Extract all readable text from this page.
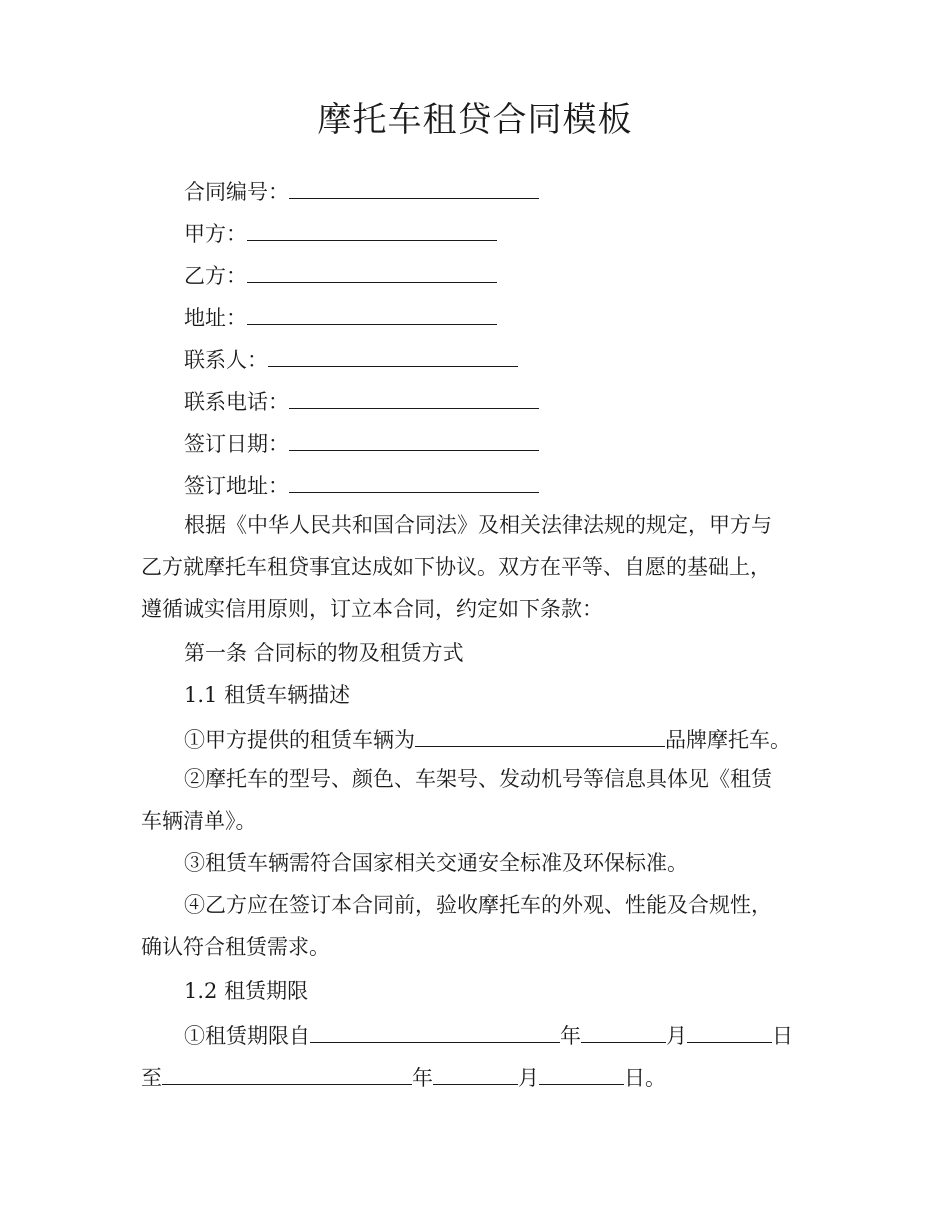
摩托车租贷合同模板
合同编号：
甲方：
乙方：
地址：
联系人：
联系电话：
签订日期：
签订地址：
根据《中华人民共和国合同法》及相关法律法规的规定，甲方与
乙方就摩托车租贷事宜达成如下协议。双方在平等、自愿的基础上，
遵循诚实信用原则，订立本合同，约定如下条款：
第一条 合同标的物及租赁方式
1.1 租赁车辆描述
①甲方提供的租赁车辆为	品牌摩托车。
②摩托车的型号、颜色、车架号、发动机号等信息具体见《租赁
车辆清单》。
③租赁车辆需符合国家相关交通安全标准及环保标准。
④乙方应在签订本合同前，验收摩托车的外观、性能及合规性，
确认符合租赁需求。
1.2 租赁期限
①租赁期限自	年	月	日
至	年	月	日。
